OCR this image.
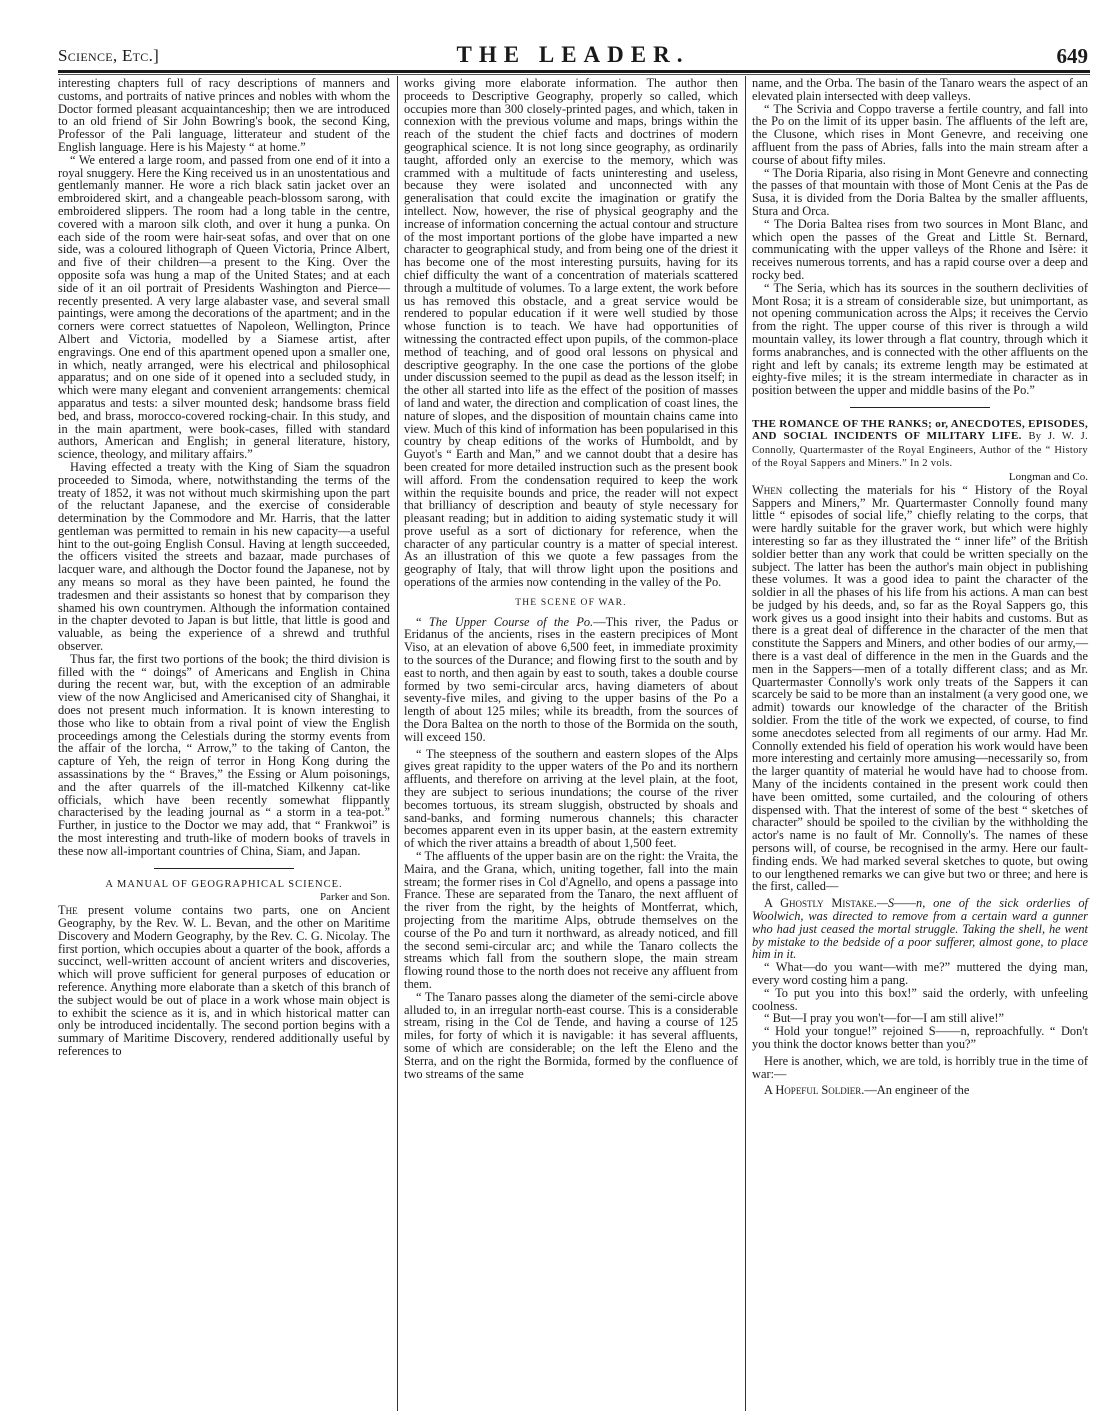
Science, Etc.]	THE LEADER.	649

interesting chapters full of racy descriptions of manners and customs, and portraits of native princes and nobles with whom the Doctor formed pleasant acquaintanceship; then we are introduced to an old friend of Sir John Bowring's book, the second King, Professor of the Pali language, litterateur and student of the English language. Here is his Majesty “ at home.”

“ We entered a large room, and passed from one end of it into a royal snuggery. Here the King received us in an unostentatious and gentlemanly manner. He wore a rich black satin jacket over an embroidered skirt, and a changeable peach-blossom sarong, with embroidered slippers. The room had a long table in the centre, covered with a maroon silk cloth, and over it hung a punka. On each side of the room were hair-seat sofas, and over that on one side, was a coloured lithograph of Queen Victoria, Prince Albert, and five of their children—a present to the King. Over the opposite sofa was hung a map of the United States; and at each side of it an oil portrait of Presidents Washington and Pierce—recently presented. A very large alabaster vase, and several small paintings, were among the decorations of the apartment; and in the corners were correct statuettes of Napoleon, Wellington, Prince Albert and Victoria, modelled by a Siamese artist, after engravings. One end of this apartment opened upon a smaller one, in which, neatly arranged, were his electrical and philosophical apparatus; and on one side of it opened into a secluded study, in which were many elegant and convenient arrangements: chemical apparatus and tests: a silver mounted desk; handsome brass field bed, and brass, morocco-covered rocking-chair. In this study, and in the main apartment, were book-cases, filled with standard authors, American and English; in general literature, history, science, theology, and military affairs.”

Having effected a treaty with the King of Siam the squadron proceeded to Simoda, where, notwithstanding the terms of the treaty of 1852, it was not without much skirmishing upon the part of the reluctant Japanese, and the exercise of considerable determination by the Commodore and Mr. Harris, that the latter gentleman was permitted to remain in his new capacity—a useful hint to the out-going English Consul. Having at length succeeded, the officers visited the streets and bazaar, made purchases of lacquer ware, and although the Doctor found the Japanese, not by any means so moral as they have been painted, he found the tradesmen and their assistants so honest that by comparison they shamed his own countrymen. Although the information contained in the chapter devoted to Japan is but little, that little is good and valuable, as being the experience of a shrewd and truthful observer.

Thus far, the first two portions of the book; the third division is filled with the “ doings” of Americans and English in China during the recent war, but, with the exception of an admirable view of the now Anglicised and Americanised city of Shanghai, it does not present much information. It is known interesting to those who like to obtain from a rival point of view the English proceedings among the Celestials during the stormy events from the affair of the lorcha, “ Arrow,” to the taking of Canton, the capture of Yeh, the reign of terror in Hong Kong during the assassinations by the “ Braves,” the Essing or Alum poisonings, and the after quarrels of the ill-matched Kilkenny cat-like officials, which have been recently somewhat flippantly characterised by the leading journal as “ a storm in a tea-pot.” Further, in justice to the Doctor we may add, that “ Frankwoi” is the most interesting and truth-like of modern books of travels in these now all-important countries of China, Siam, and Japan.

A MANUAL OF GEOGRAPHICAL SCIENCE.

Parker and Son.

The present volume contains two parts, one on Ancient Geography, by the Rev. W. L. Bevan, and the other on Maritime Discovery and Modern Geography, by the Rev. C. G. Nicolay. The first portion, which occupies about a quarter of the book, affords a succinct, well-written account of ancient writers and discoveries, which will prove sufficient for general purposes of education or reference. Anything more elaborate than a sketch of this branch of the subject would be out of place in a work whose main object is to exhibit the science as it is, and in which historical matter can only be introduced incidentally. The second portion begins with a summary of Maritime Discovery, rendered additionally useful by references to

works giving more elaborate information. The author then proceeds to Descriptive Geography, properly so called, which occupies more than 300 closely-printed pages, and which, taken in connexion with the previous volume and maps, brings within the reach of the student the chief facts and doctrines of modern geographical science. It is not long since geography, as ordinarily taught, afforded only an exercise to the memory, which was crammed with a multitude of facts uninteresting and useless, because they were isolated and unconnected with any generalisation that could excite the imagination or gratify the intellect. Now, however, the rise of physical geography and the increase of information concerning the actual contour and structure of the most important portions of the globe have imparted a new character to geographical study, and from being one of the driest it has become one of the most interesting pursuits, having for its chief difficulty the want of a concentration of materials scattered through a multitude of volumes. To a large extent, the work before us has removed this obstacle, and a great service would be rendered to popular education if it were well studied by those whose function is to teach. We have had opportunities of witnessing the contracted effect upon pupils, of the common-place method of teaching, and of good oral lessons on physical and descriptive geography. In the one case the portions of the globe under discussion seemed to the pupil as dead as the lesson itself; in the other all started into life as the effect of the position of masses of land and water, the direction and complication of coast lines, the nature of slopes, and the disposition of mountain chains came into view. Much of this kind of information has been popularised in this country by cheap editions of the works of Humboldt, and by Guyot's “ Earth and Man,” and we cannot doubt that a desire has been created for more detailed instruction such as the present book will afford. From the condensation required to keep the work within the requisite bounds and price, the reader will not expect that brilliancy of description and beauty of style necessary for pleasant reading; but in addition to aiding systematic study it will prove useful as a sort of dictionary for reference, when the character of any particular country is a matter of special interest. As an illustration of this we quote a few passages from the geography of Italy, that will throw light upon the positions and operations of the armies now contending in the valley of the Po.

THE SCENE OF WAR.

“ The Upper Course of the Po.—This river, the Padus or Eridanus of the ancients, rises in the eastern precipices of Mont Viso, at an elevation of above 6,500 feet, in immediate proximity to the sources of the Durance; and flowing first to the south and by east to north, and then again by east to south, takes a double course formed by two semi-circular arcs, having diameters of about seventy-five miles, and giving to the upper basins of the Po a length of about 125 miles; while its breadth, from the sources of the Dora Baltea on the north to those of the Bormida on the south, will exceed 150.

“ The steepness of the southern and eastern slopes of the Alps gives great rapidity to the upper waters of the Po and its northern affluents, and therefore on arriving at the level plain, at the foot, they are subject to serious inundations; the course of the river becomes tortuous, its stream sluggish, obstructed by shoals and sand-banks, and forming numerous channels; this character becomes apparent even in its upper basin, at the eastern extremity of which the river attains a breadth of about 1,500 feet.

“ The affluents of the upper basin are on the right: the Vraita, the Maira, and the Grana, which, uniting together, fall into the main stream; the former rises in Col d'Agnello, and opens a passage into France. These are separated from the Tanaro, the next affluent of the river from the right, by the heights of Montferrat, which, projecting from the maritime Alps, obtrude themselves on the course of the Po and turn it northward, as already noticed, and fill the second semi-circular arc; and while the Tanaro collects the streams which fall from the southern slope, the main stream flowing round those to the north does not receive any affluent from them.

“ The Tanaro passes along the diameter of the semi-circle above alluded to, in an irregular north-east course. This is a considerable stream, rising in the Col de Tende, and having a course of 125 miles, for forty of which it is navigable: it has several affluents, some of which are considerable; on the left the Eleno and the Sterra, and on the right the Bormida, formed by the confluence of two streams of the same

name, and the Orba. The basin of the Tanaro wears the aspect of an elevated plain intersected with deep valleys.

“ The Scrivia and Coppo traverse a fertile country, and fall into the Po on the limit of its upper basin. The affluents of the left are, the Clusone, which rises in Mont Genevre, and receiving one affluent from the pass of Abries, falls into the main stream after a course of about fifty miles.

“ The Doria Riparia, also rising in Mont Genevre and connecting the passes of that mountain with those of Mont Cenis at the Pas de Susa, it is divided from the Doria Baltea by the smaller affluents, Stura and Orca.

“ The Doria Baltea rises from two sources in Mont Blanc, and which open the passes of the Great and Little St. Bernard, communicating with the upper valleys of the Rhone and Isère: it receives numerous torrents, and has a rapid course over a deep and rocky bed.

“ The Seria, which has its sources in the southern declivities of Mont Rosa; it is a stream of considerable size, but unimportant, as not opening communication across the Alps; it receives the Cervio from the right. The upper course of this river is through a wild mountain valley, its lower through a flat country, through which it forms anabranches, and is connected with the other affluents on the right and left by canals; its extreme length may be estimated at eighty-five miles; it is the stream intermediate in character as in position between the upper and middle basins of the Po.”

THE ROMANCE OF THE RANKS; or, ANECDOTES, EPISODES, AND SOCIAL INCIDENTS OF MILITARY LIFE. By J. W. J. Connolly, Quartermaster of the Royal Engineers, Author of the “ History of the Royal Sappers and Miners.” In 2 vols.

Longman and Co.

When collecting the materials for his “ History of the Royal Sappers and Miners,” Mr. Quartermaster Connolly found many little “ episodes of social life,” chiefly relating to the corps, that were hardly suitable for the graver work, but which were highly interesting so far as they illustrated the “ inner life” of the British soldier better than any work that could be written specially on the subject. The latter has been the author's main object in publishing these volumes. It was a good idea to paint the character of the soldier in all the phases of his life from his actions. A man can best be judged by his deeds, and, so far as the Royal Sappers go, this work gives us a good insight into their habits and customs. But as there is a great deal of difference in the character of the men that constitute the Sappers and Miners, and other bodies of our army,—there is a vast deal of difference in the men in the Guards and the men in the Sappers—men of a totally different class; and as Mr. Quartermaster Connolly's work only treats of the Sappers it can scarcely be said to be more than an instalment (a very good one, we admit) towards our knowledge of the character of the British soldier. From the title of the work we expected, of course, to find some anecdotes selected from all regiments of our army. Had Mr. Connolly extended his field of operation his work would have been more interesting and certainly more amusing—necessarily so, from the larger quantity of material he would have had to choose from. Many of the incidents contained in the present work could then have been omitted, some curtailed, and the colouring of others dispensed with. That the interest of some of the best “ sketches of character” should be spoiled to the civilian by the withholding the actor's name is no fault of Mr. Connolly's. The names of these persons will, of course, be recognised in the army. Here our fault-finding ends. We had marked several sketches to quote, but owing to our lengthened remarks we can give but two or three; and here is the first, called—

A Ghostly Mistake.—S——n, one of the sick orderlies of Woolwich, was directed to remove from a certain ward a gunner who had just ceased the mortal struggle. Taking the shell, he went by mistake to the bedside of a poor sufferer, almost gone, to place him in it.

“ What—do you want—with me?” muttered the dying man, every word costing him a pang.

“ To put you into this box!” said the orderly, with unfeeling coolness.

“ But—I pray you won't—for—I am still alive!”

“ Hold your tongue!” rejoined S——n, reproachfully. “ Don't you think the doctor knows better than you?”

Here is another, which, we are told, is horribly true in the time of war:—

A Hopeful Soldier.—An engineer of the
